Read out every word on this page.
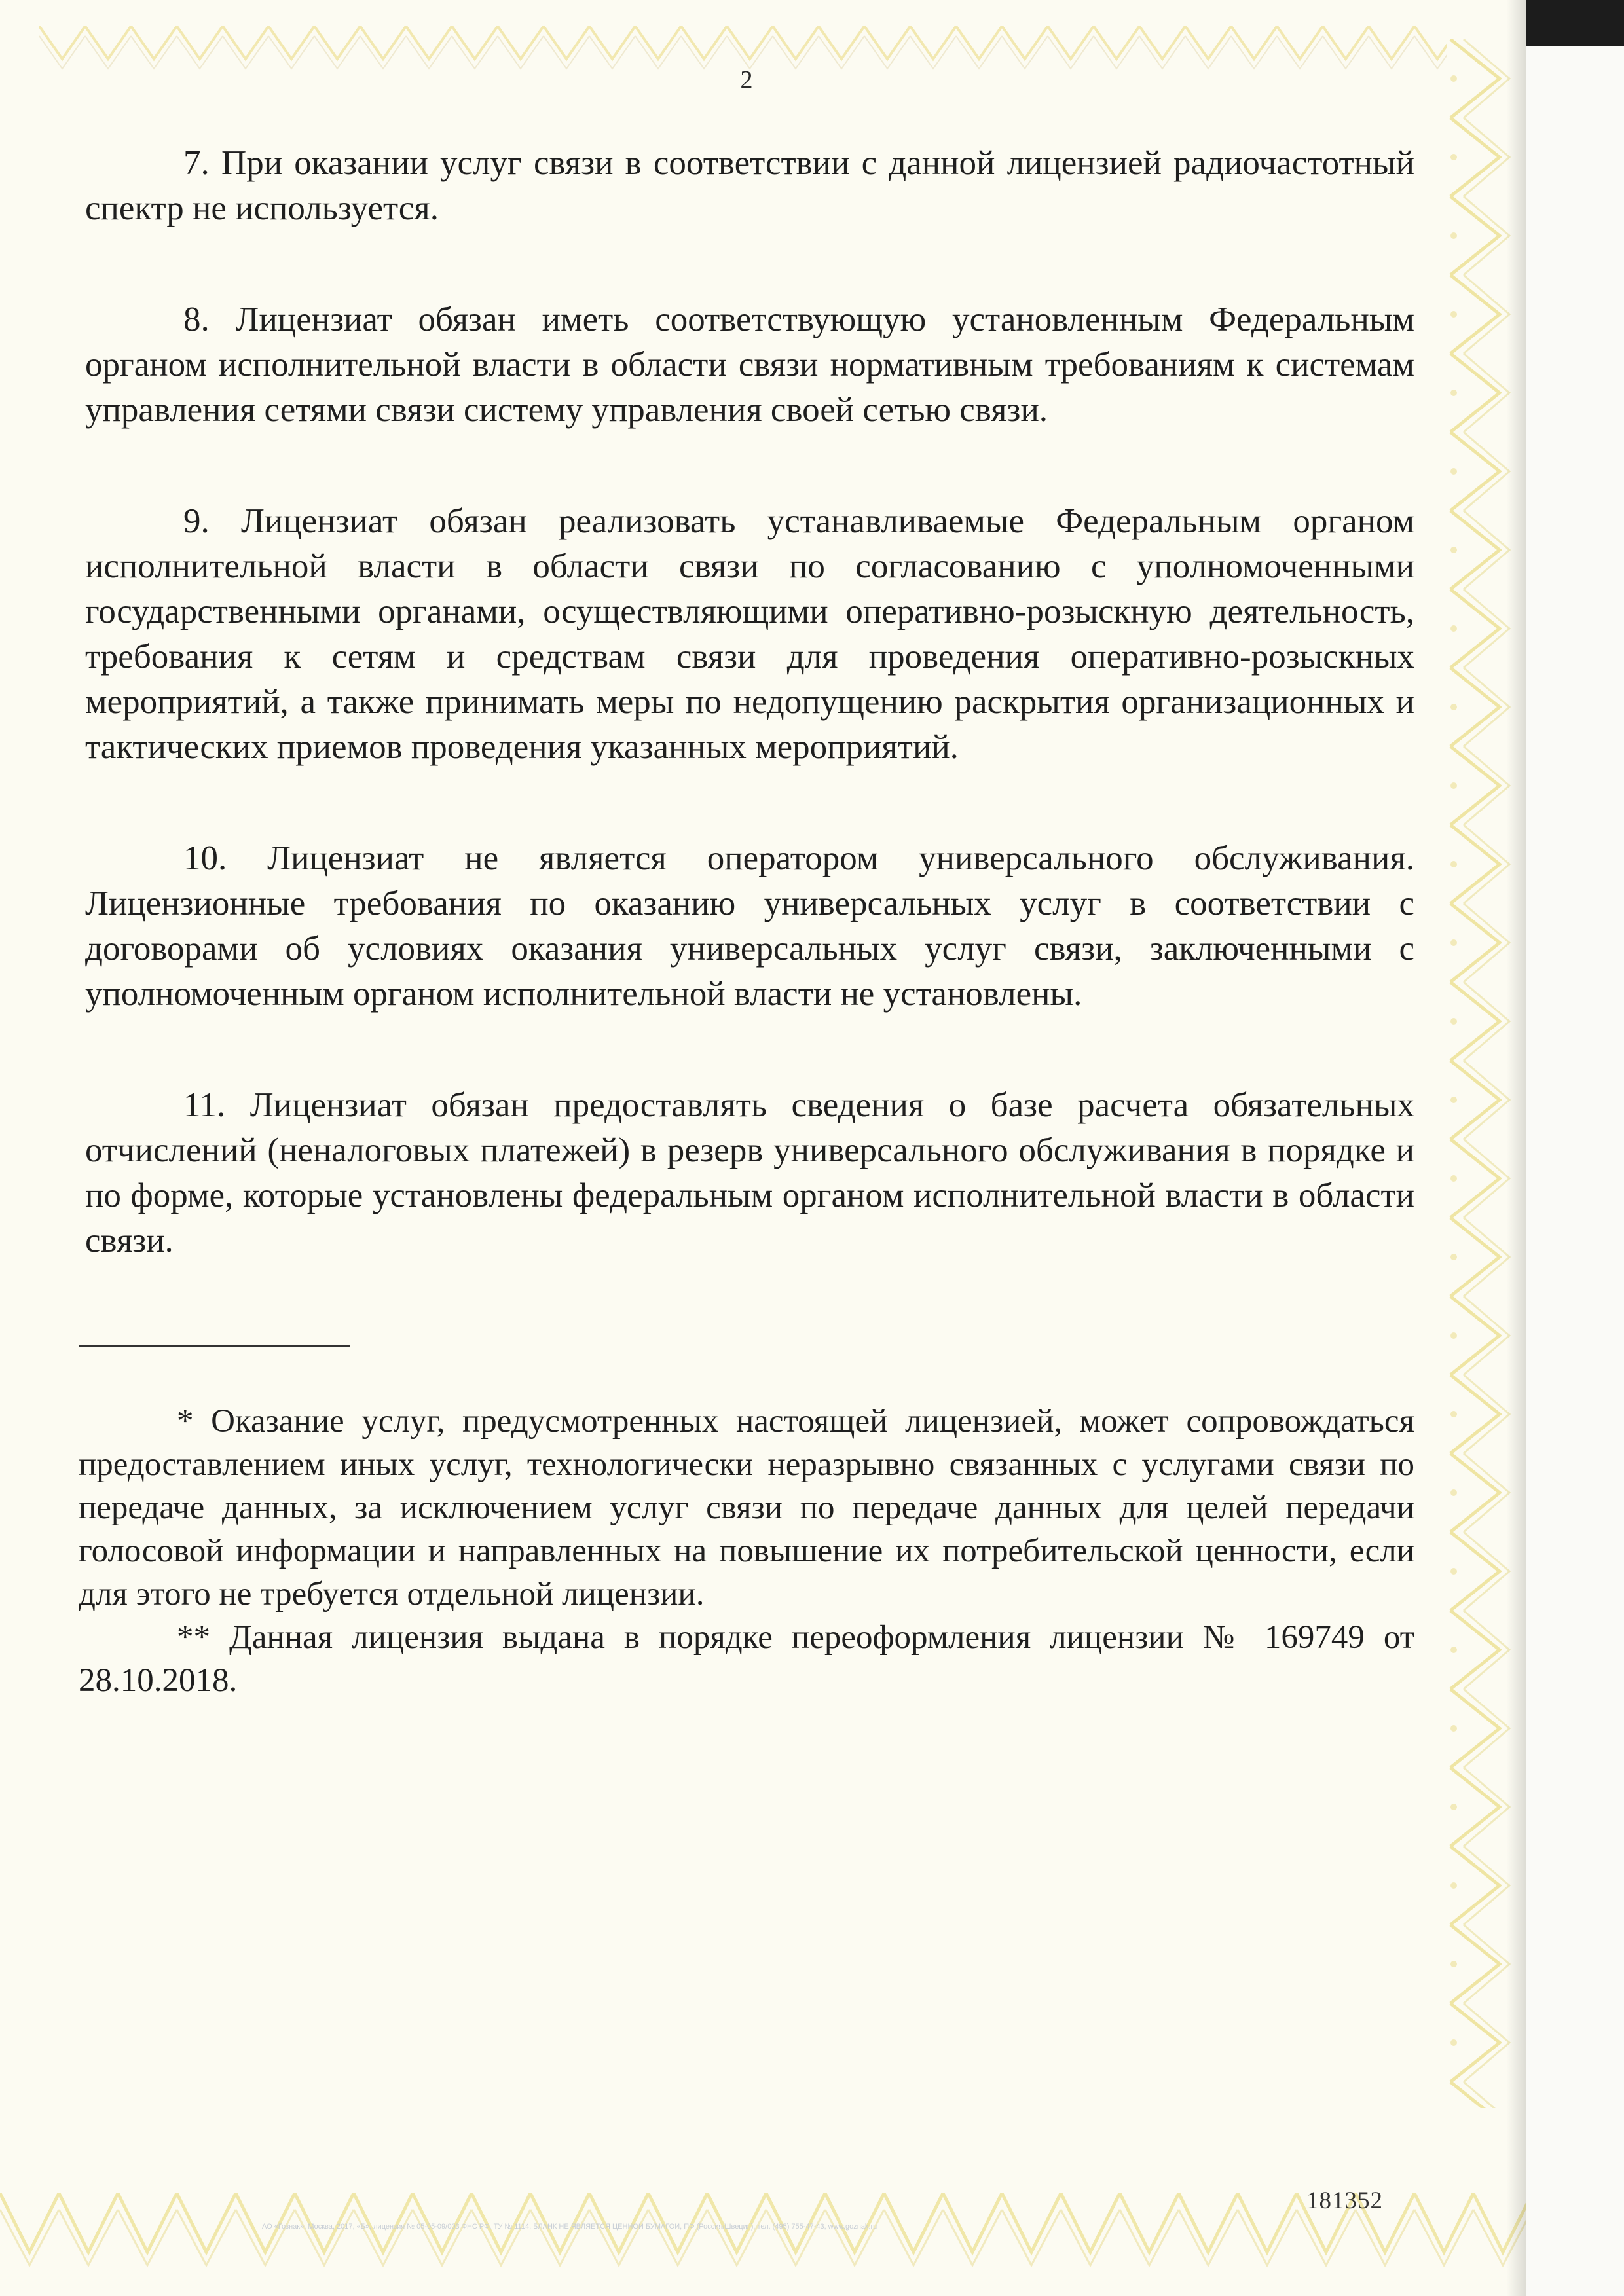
2

7. При оказании услуг связи в соответствии с данной лицензией радиочастотный спектр не используется.

8. Лицензиат обязан иметь соответствующую установленным Федеральным органом исполнительной власти в области связи нормативным требованиям к системам управления сетями связи систему управления своей сетью связи.

9. Лицензиат обязан реализовать устанавливаемые Федеральным органом исполнительной власти в области связи по согласованию с уполномоченными государственными органами, осуществляющими оперативно-розыскную деятельность, требования к сетям и средствам связи для проведения оперативно-розыскных мероприятий, а также принимать меры по недопущению раскрытия организационных и тактических приемов проведения указанных мероприятий.

10. Лицензиат не является оператором универсального обслуживания. Лицензионные требования по оказанию универсальных услуг в соответствии с договорами об условиях оказания универсальных услуг связи, заключенными с уполномоченным органом исполнительной власти не установлены.

11. Лицензиат обязан предоставлять сведения о базе расчета обязательных отчислений (неналоговых платежей) в резерв универсального обслуживания в порядке и по форме, которые установлены федеральным органом исполнительной власти в области связи.

* Оказание услуг, предусмотренных настоящей лицензией, может сопровождаться предоставлением иных услуг, технологически неразрывно связанных с услугами связи по передаче данных, за исключением услуг связи по передаче данных для целей передачи голосовой информации и направленных на повышение их потребительской ценности, если для этого не требуется отдельной лицензии.

** Данная лицензия выдана в порядке переоформления лицензии № 169749 от 28.10.2018.

АО «Гознак», Москва, 2017, «Б», лицензия № 05-05-09/003 ФНС РФ, ТУ № 1114, БЛАНК НЕ ЯВЛЯЕТСЯ ЦЕННОЙ БУМАГОЙ, ПФ (Россия/Швеция), тел. (495) 755-47-43, www.goznak.ru
181352
